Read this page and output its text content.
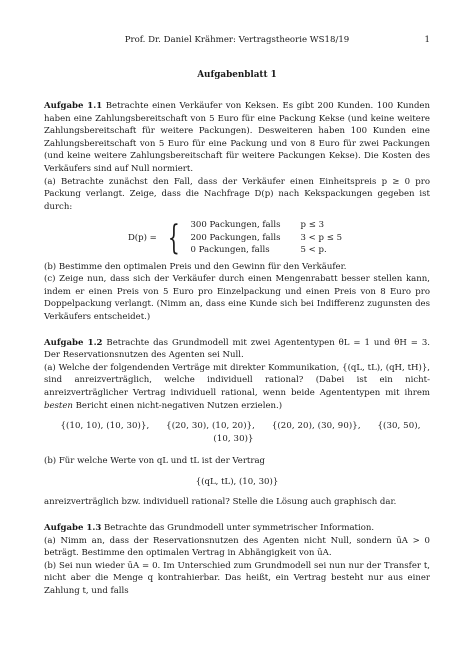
Prof. Dr. Daniel Krähmer: Vertragstheorie WS18/19	1
Aufgabenblatt 1
Aufgabe 1.1 Betrachte einen Verkäufer von Keksen. Es gibt 200 Kunden. 100 Kunden haben eine Zahlungsbereitschaft von 5 Euro für eine Packung Kekse (und keine weitere Zahlungsbereitschaft für weitere Packungen). Desweiteren haben 100 Kunden eine Zahlungsbereitschaft von 5 Euro für eine Packung und von 8 Euro für zwei Packungen (und keine weitere Zahlungsbereitschaft für weitere Packungen Kekse). Die Kosten des Verkäufers sind auf Null normiert.
(a) Betrachte zunächst den Fall, dass der Verkäufer einen Einheitspreis p ≥ 0 pro Packung verlangt. Zeige, dass die Nachfrage D(p) nach Kekspackungen gegeben ist durch:
D(p) = { 300 Packungen, falls	p ≤ 3
200 Packungen, falls	3 < p ≤ 5
0 Packungen, falls	5 < p.
(b) Bestimme den optimalen Preis und den Gewinn für den Verkäufer.
(c) Zeige nun, dass sich der Verkäufer durch einen Mengenrabatt besser stellen kann, indem er einen Preis von 5 Euro pro Einzelpackung und einen Preis von 8 Euro pro Doppelpackung verlangt. (Nimm an, dass eine Kunde sich bei Indifferenz zugunsten des Verkäufers entscheidet.)
Aufgabe 1.2 Betrachte das Grundmodell mit zwei Agententypen θL = 1 und θH = 3. Der Reservationsnutzen des Agenten sei Null.
(a) Welche der folgendenden Verträge mit direkter Kommunikation, {(qL, tL), (qH, tH)}, sind anreizverträglich, welche individuell rational? (Dabei ist ein nicht-anreizverträglicher Vertrag individuell rational, wenn beide Agententypen mit ihrem besten Bericht einen nicht-negativen Nutzen erzielen.)
{(10, 10), (10, 30)}, {(20, 30), (10, 20)}, {(20, 20), (30, 90)}, {(30, 50), (10, 30)}
(b) Für welche Werte von qL und tL ist der Vertrag
{(qL, tL), (10, 30)}
anreizverträglich bzw. individuell rational? Stelle die Lösung auch graphisch dar.
Aufgabe 1.3 Betrachte das Grundmodell unter symmetrischer Information.
(a) Nimm an, dass der Reservationsnutzen des Agenten nicht Null, sondern ūA > 0 beträgt. Bestimme den optimalen Vertrag in Abhängigkeit von ūA.
(b) Sei nun wieder ūA = 0. Im Unterschied zum Grundmodell sei nun nur der Transfer t, nicht aber die Menge q kontrahierbar. Das heißt, ein Vertrag besteht nur aus einer Zahlung t, und falls
